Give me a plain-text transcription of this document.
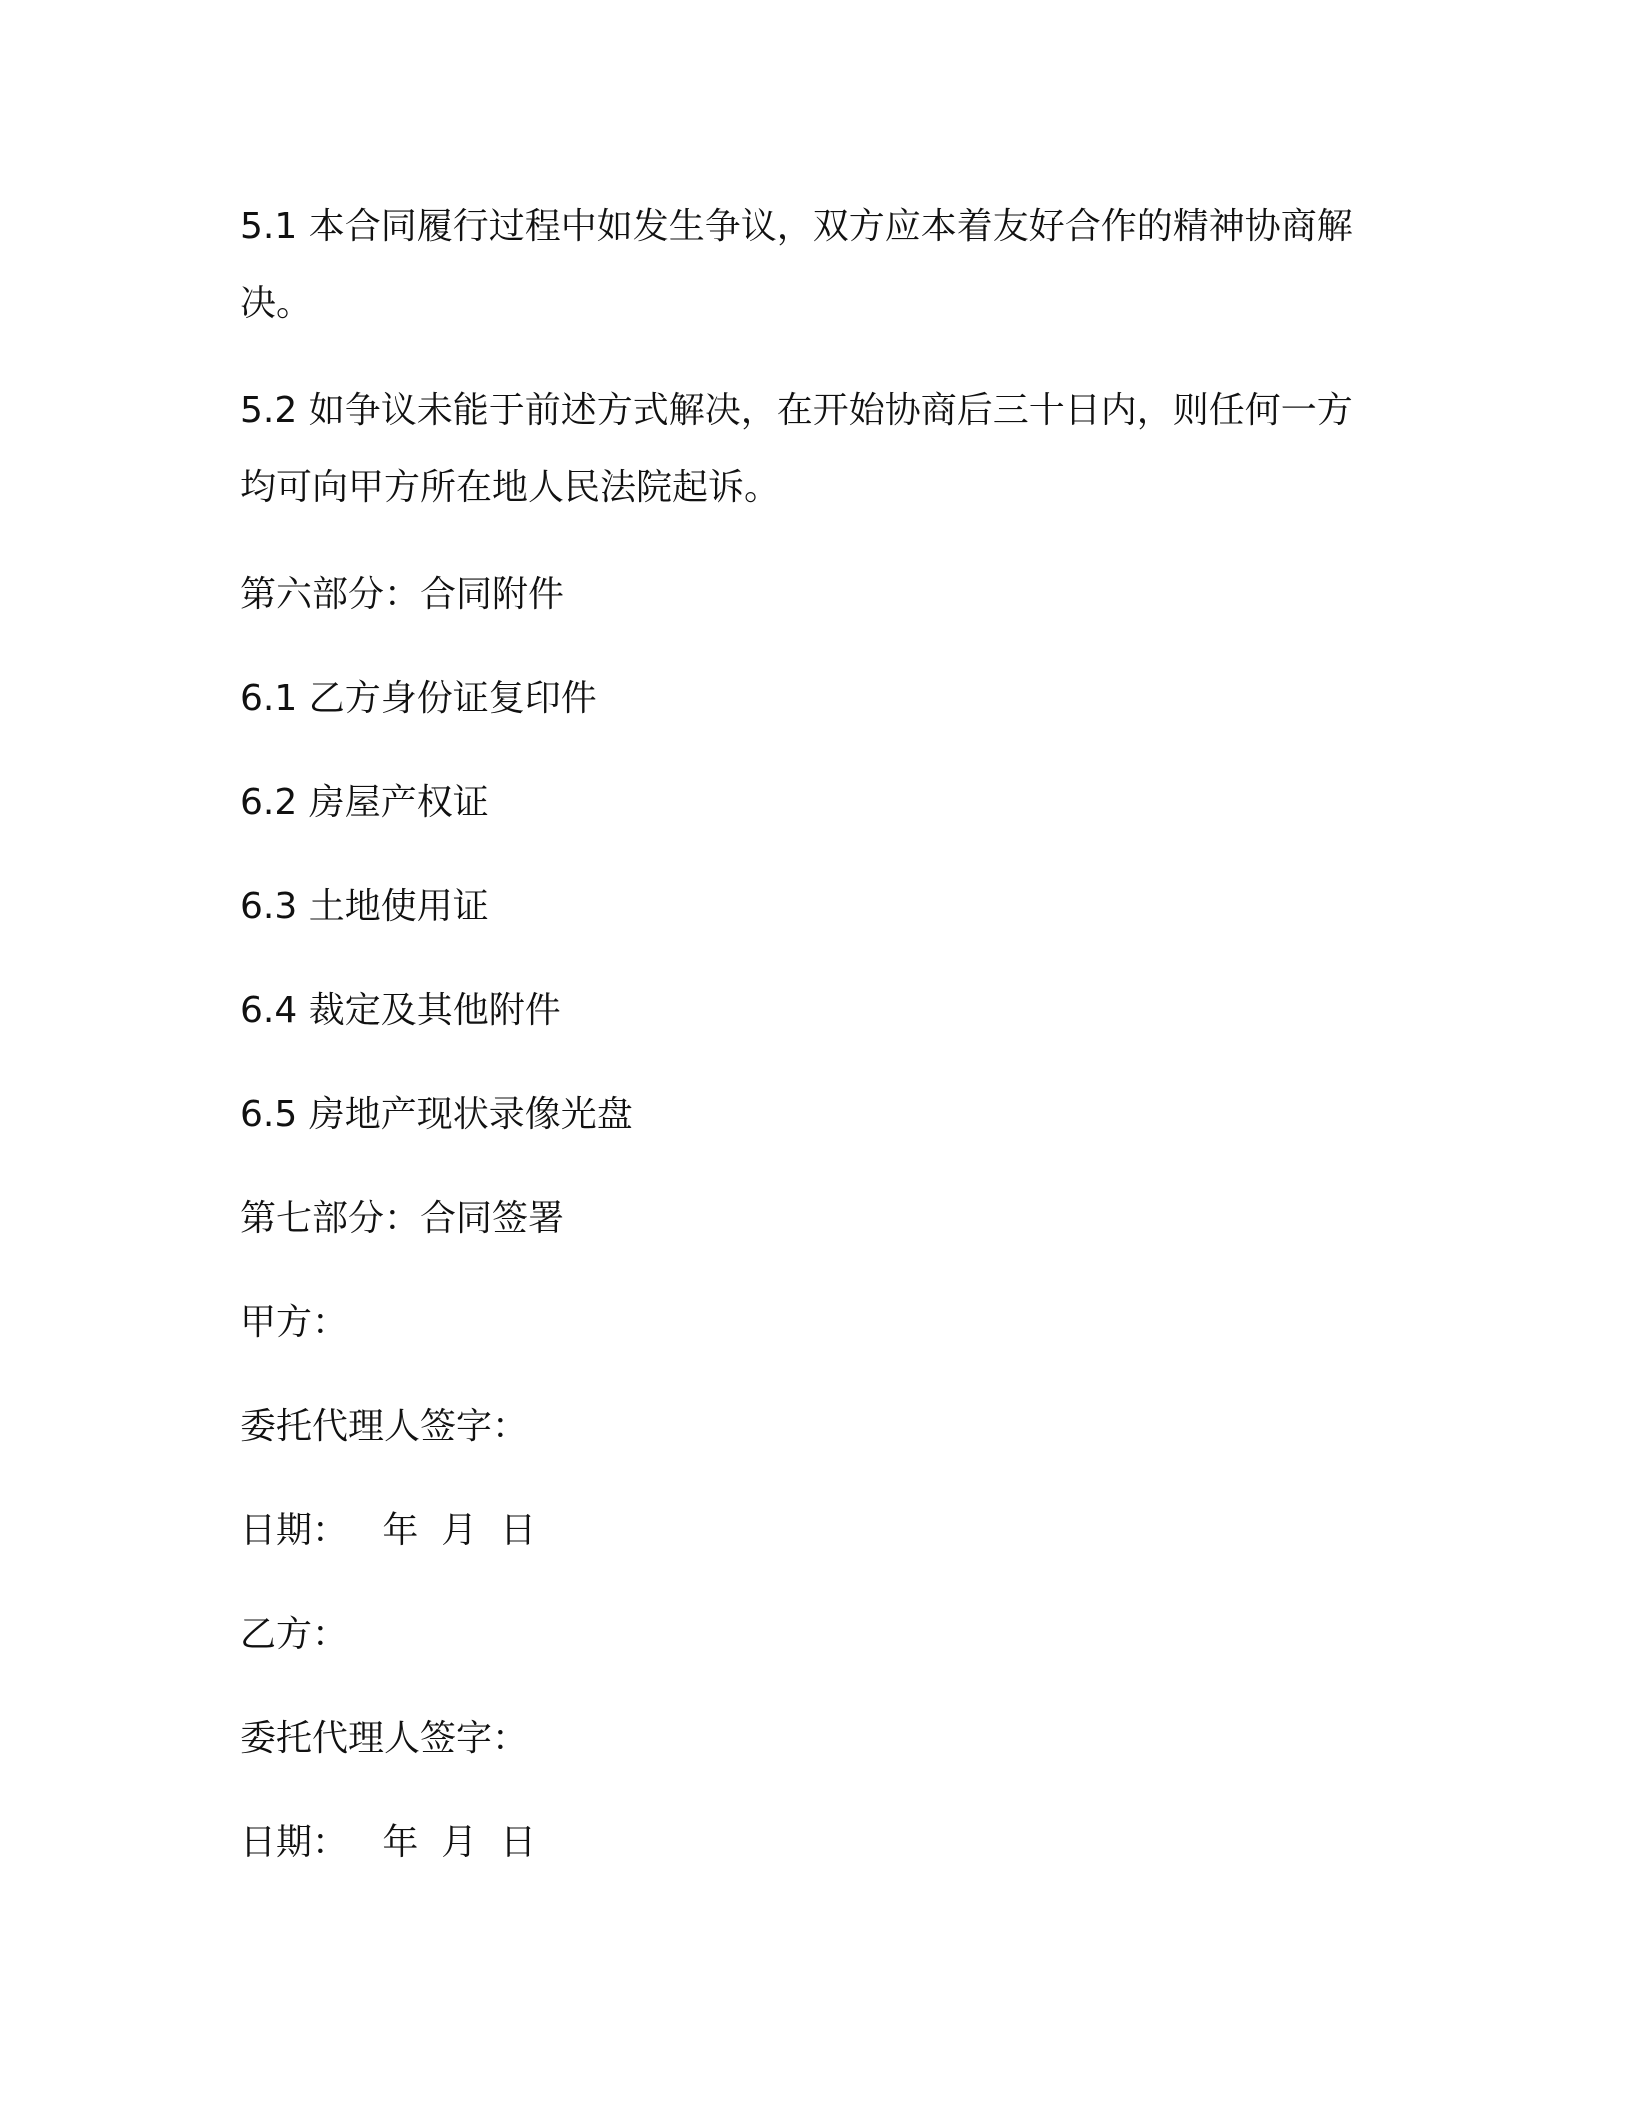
5.1 本合同履行过程中如发生争议，双方应本着友好合作的精神协商解

决。

5.2 如争议未能于前述方式解决，在开始协商后三十日内，则任何一方

均可向甲方所在地人民法院起诉。

第六部分：合同附件

6.1 乙方身份证复印件

6.2 房屋产权证

6.3 土地使用证

6.4 裁定及其他附件

6.5 房地产现状录像光盘

第七部分：合同签署

甲方：

委托代理人签字：

日期：   年  月  日

乙方：

委托代理人签字：

日期：   年  月  日
